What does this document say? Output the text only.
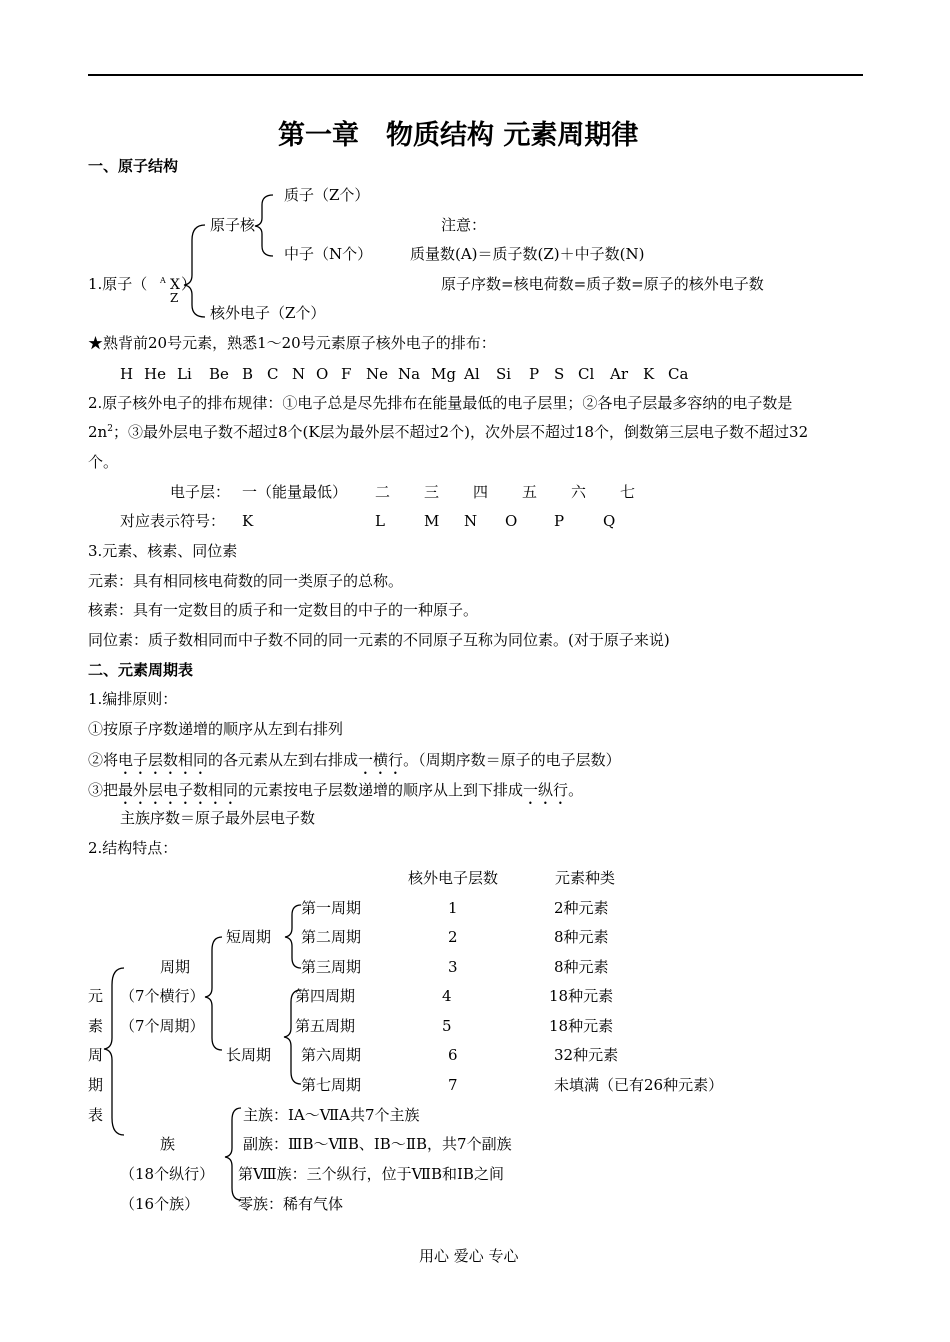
第一章　物质结构 元素周期律
一、原子结构
质子（Z个）
原子核	注意：
中子（N个）	质量数(A)＝质子数(Z)＋中子数(N)
1.原子（ A X ）
Z
原子序数=核电荷数=质子数=原子的核外电子数
核外电子（Z个）
★熟背前20号元素，熟悉1～20号元素原子核外电子的排布：
H He Li Be B C N O F Ne Na Mg Al Si P S Cl Ar K Ca
2.原子核外电子的排布规律：①电子总是尽先排布在能量最低的电子层里；②各电子层最多容纳的电子数是
$2n^2$；③最外层电子数不超过8个(K层为最外层不超过2个)，次外层不超过18个，倒数第三层电子数不超过32
个。
电子层： 一（能量最低） 二 三 四 五 六 七
对应表示符号： K	L	M N O P	Q
3.元素、核素、同位素
元素：具有相同核电荷数的同一类原子的总称。
核素：具有一定数目的质子和一定数目的中子的一种原子。
同位素：质子数相同而中子数不同的同一元素的不同原子互称为同位素。(对于原子来说)
二、元素周期表
1.编排原则：
①按原子序数递增的顺序从左到右排列
②将电子层数相同的各元素从左到右排成一横行。（周期序数＝原子的电子层数）
③把最外层电子数相同的元素按电子层数递增的顺序从上到下排成一纵行。
主族序数＝原子最外层电子数
2.结构特点：
核外电子层数	元素种类
短周期
长周期
周期
（7个横行）
（7个周期）
元
素
周
期
表
第一周期	1	2种元素
第二周期	2	8种元素
第三周期	3	8种元素
第四周期	4	18种元素
第五周期	5	18种元素
第六周期	6	32种元素
第七周期	7	未填满（已有26种元素）
族
（18个纵行）
（16个族）
主族：ⅠA～ⅦA共7个主族
副族：ⅢB～ⅦB、ⅠB～ⅡB，共7个副族
第Ⅷ族：三个纵行，位于ⅦB和ⅠB之间
零族：稀有气体
用心 爱心 专心
